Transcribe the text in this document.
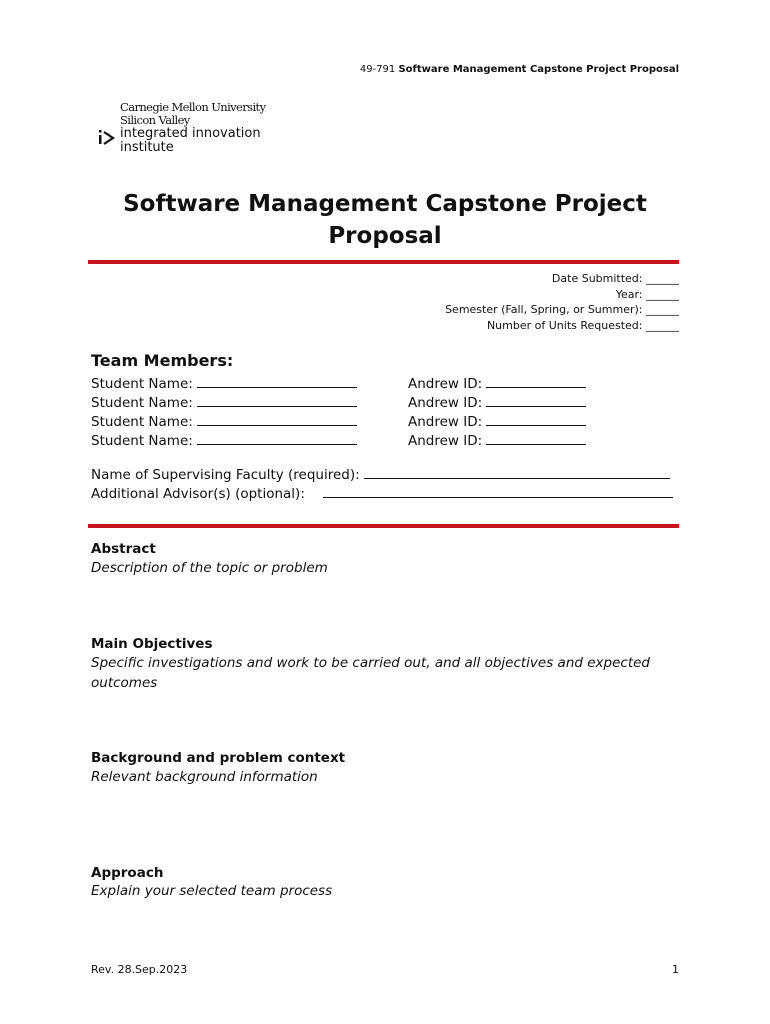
49-791 Software Management Capstone Project Proposal
Carnegie Mellon University
Silicon Valley
integrated innovation
institute
Software Management Capstone Project
Proposal
Date Submitted: ______
Year: ______
Semester (Fall, Spring, or Summer): ______
Number of Units Requested: ______
Team Members:
Student Name:
Student Name:
Student Name:
Student Name:
Andrew ID:
Andrew ID:
Andrew ID:
Andrew ID:
Name of Supervising Faculty (required):
Additional Advisor(s) (optional):
Abstract
Description of the topic or problem
Main Objectives
Specific investigations and work to be carried out, and all objectives and expected outcomes
Background and problem context
Relevant background information
Approach
Explain your selected team process
Rev. 28.Sep.2023	1
